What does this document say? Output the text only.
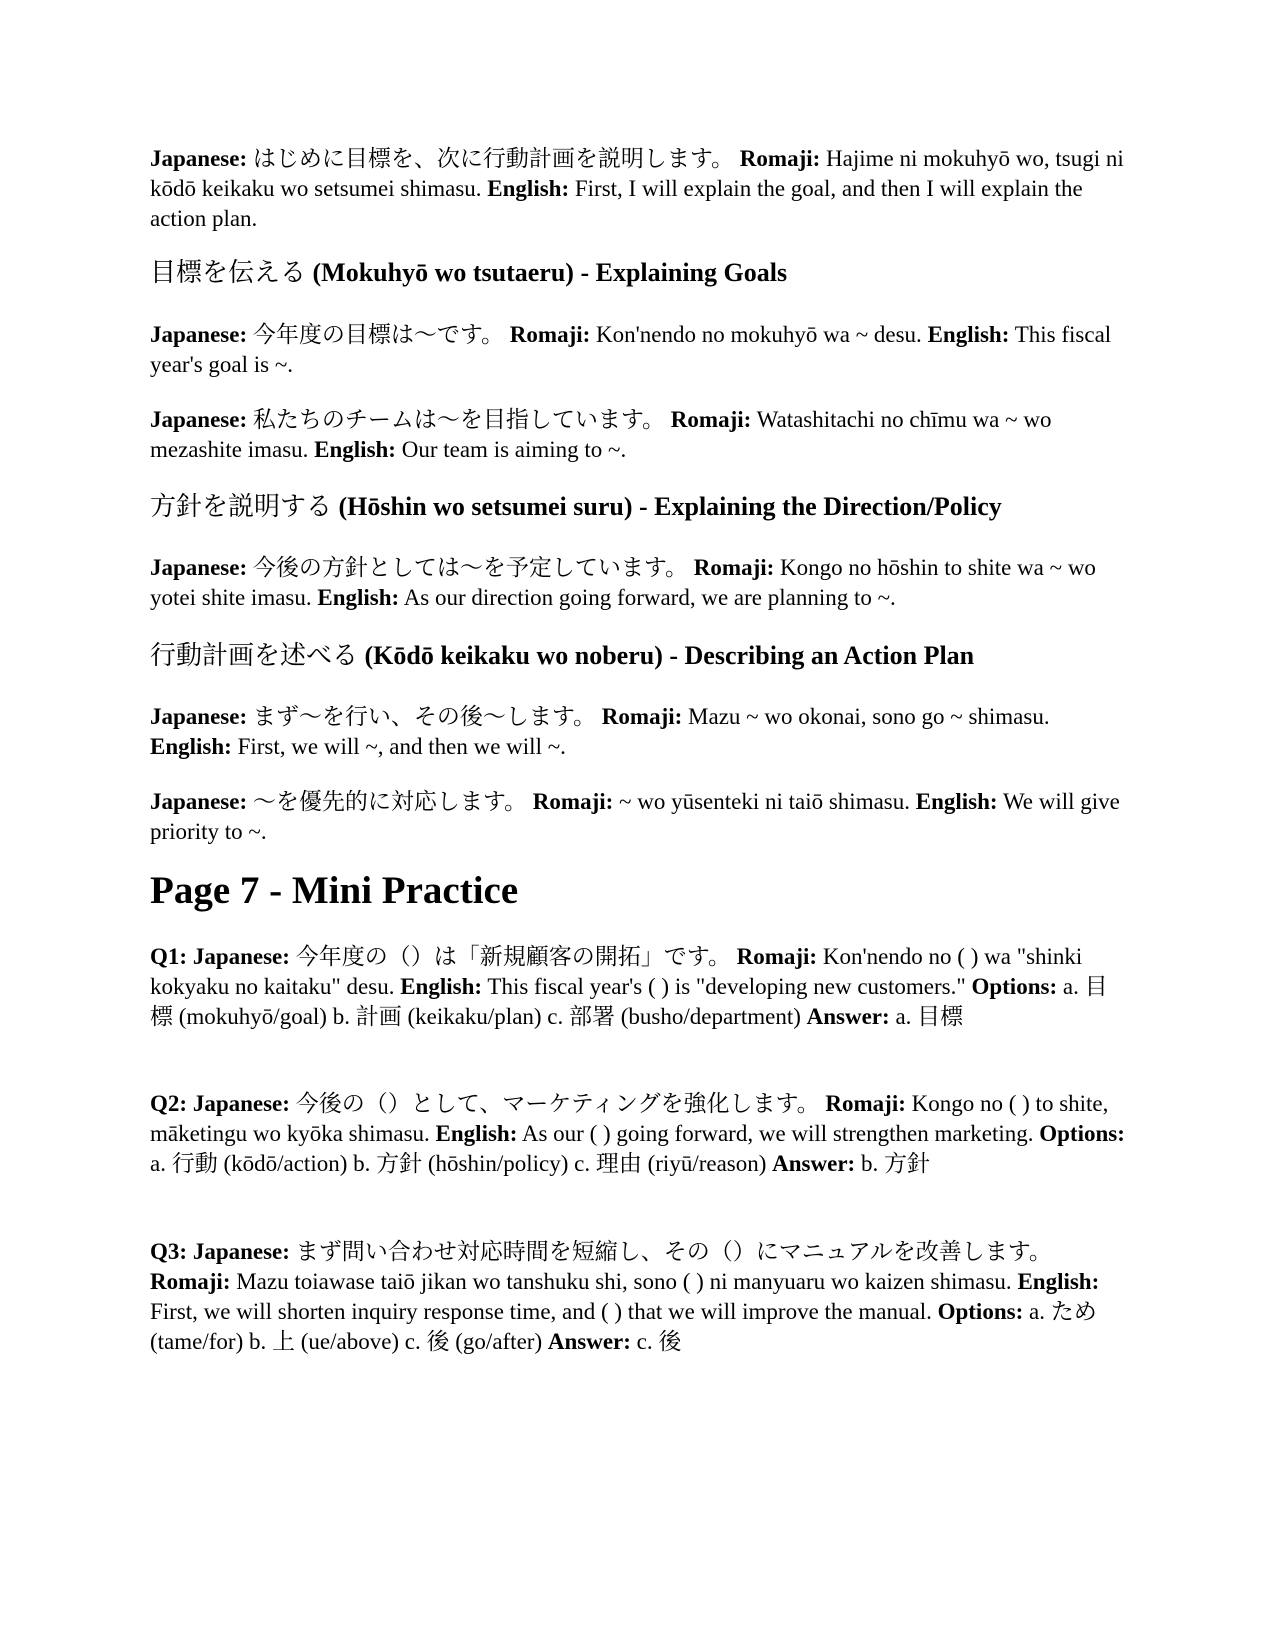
Japanese: はじめに目標を、次に行動計画を説明します。 Romaji: Hajime ni mokuhyō wo, tsugi ni kōdō keikaku wo setsumei shimasu. English: First, I will explain the goal, and then I will explain the action plan.

目標を伝える (Mokuhyō wo tsutaeru) - Explaining Goals

Japanese: 今年度の目標は〜です。 Romaji: Kon'nendo no mokuhyō wa ~ desu. English: This fiscal year's goal is ~.

Japanese: 私たちのチームは〜を目指しています。 Romaji: Watashitachi no chīmu wa ~ wo mezashite imasu. English: Our team is aiming to ~.

方針を説明する (Hōshin wo setsumei suru) - Explaining the Direction/Policy

Japanese: 今後の方針としては〜を予定しています。 Romaji: Kongo no hōshin to shite wa ~ wo yotei shite imasu. English: As our direction going forward, we are planning to ~.

行動計画を述べる (Kōdō keikaku wo noberu) - Describing an Action Plan

Japanese: まず〜を行い、その後〜します。 Romaji: Mazu ~ wo okonai, sono go ~ shimasu. English: First, we will ~, and then we will ~.

Japanese: 〜を優先的に対応します。 Romaji: ~ wo yūsenteki ni taiō shimasu. English: We will give priority to ~.

Page 7 - Mini Practice

Q1: Japanese: 今年度の（）は「新規顧客の開拓」です。 Romaji: Kon'nendo no ( ) wa "shinki kokyaku no kaitaku" desu. English: This fiscal year's ( ) is "developing new customers." Options: a. 目標 (mokuhyō/goal) b. 計画 (keikaku/plan) c. 部署 (busho/department) Answer: a. 目標

Q2: Japanese: 今後の（）として、マーケティングを強化します。 Romaji: Kongo no ( ) to shite, māketingu wo kyōka shimasu. English: As our ( ) going forward, we will strengthen marketing. Options: a. 行動 (kōdō/action) b. 方針 (hōshin/policy) c. 理由 (riyū/reason) Answer: b. 方針

Q3: Japanese: まず問い合わせ対応時間を短縮し、その（）にマニュアルを改善します。 Romaji: Mazu toiawase taiō jikan wo tanshuku shi, sono ( ) ni manyuaru wo kaizen shimasu. English: First, we will shorten inquiry response time, and ( ) that we will improve the manual. Options: a. ため (tame/for) b. 上 (ue/above) c. 後 (go/after) Answer: c. 後
